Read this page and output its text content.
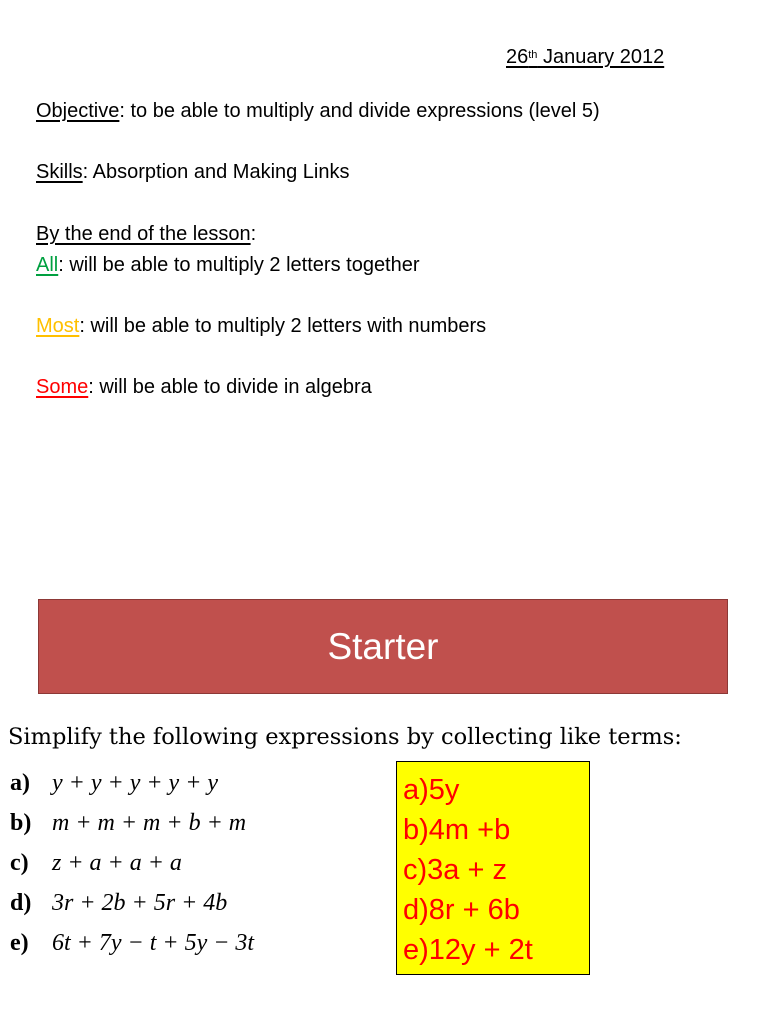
26th January 2012
Objective: to be able to multiply and divide expressions (level 5)
Skills: Absorption and Making Links
By the end of the lesson:
All: will be able to multiply 2 letters together
Most: will be able to multiply 2 letters with numbers
Some: will be able to divide in algebra
Starter
Simplify the following expressions by collecting like terms:
a) y + y + y + y + y
b) m + m + m + b + m
c) z + a + a + a
d) 3r + 2b + 5r + 4b
e) 6t + 7y − t + 5y − 3t
a)5y
b)4m +b
c)3a + z
d)8r + 6b
e)12y + 2t
